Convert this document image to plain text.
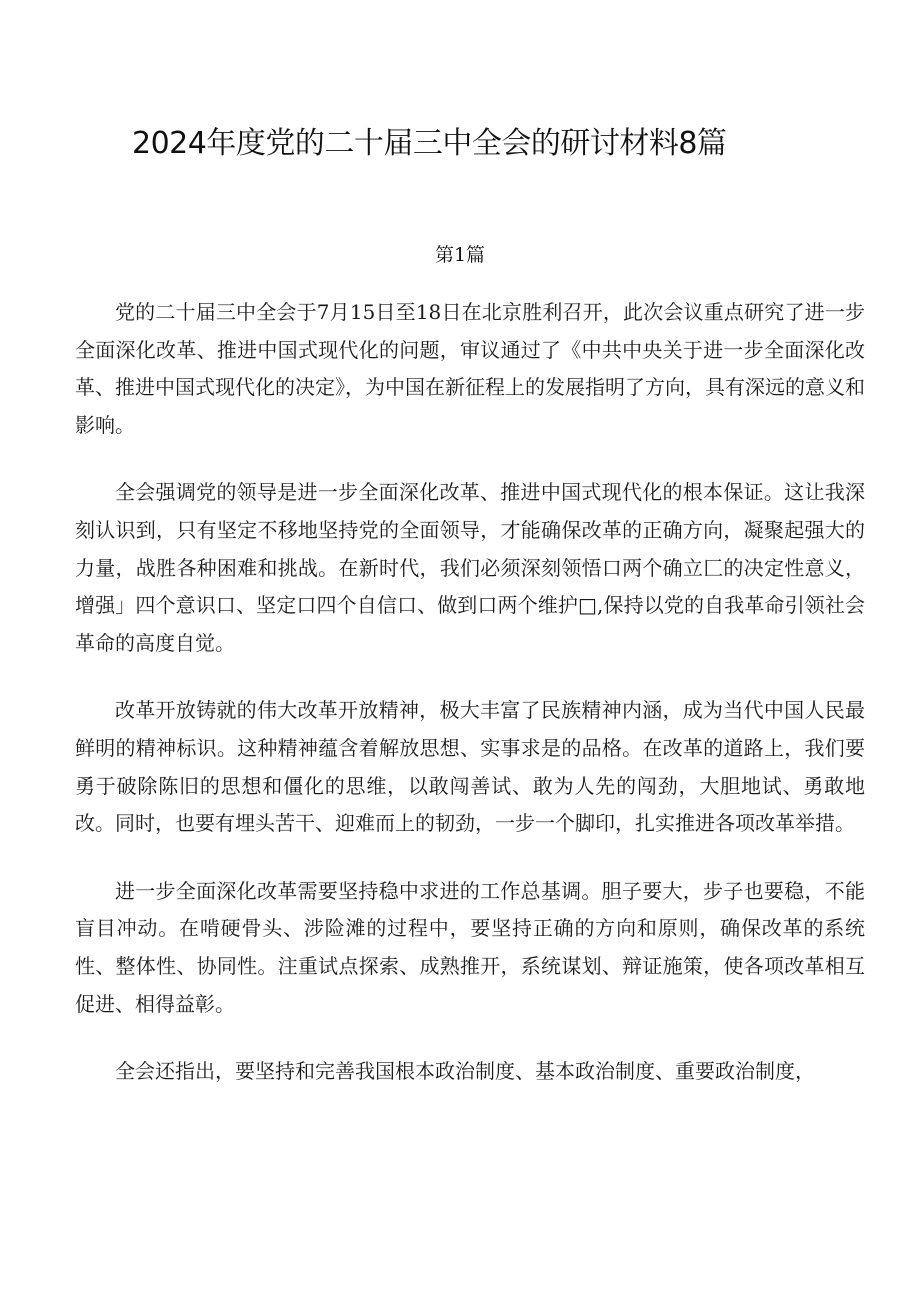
2024年度党的二十届三中全会的研讨材料8篇
第1篇

党的二十届三中全会于7月15日至18日在北京胜利召开，此次会议重点研究了进一步全面深化改革、推进中国式现代化的问题，审议通过了《中共中央关于进一步全面深化改革、推进中国式现代化的决定》，为中国在新征程上的发展指明了方向，具有深远的意义和影响。

全会强调党的领导是进一步全面深化改革、推进中国式现代化的根本保证。这让我深刻认识到，只有坚定不移地坚持党的全面领导，才能确保改革的正确方向，凝聚起强大的力量，战胜各种困难和挑战。在新时代，我们必须深刻领悟口两个确立匚的决定性意义，增强」四个意识口、坚定口四个自信口、做到口两个维护□,保持以党的自我革命引领社会革命的高度自觉。

改革开放铸就的伟大改革开放精神，极大丰富了民族精神内涵，成为当代中国人民最鲜明的精神标识。这种精神蕴含着解放思想、实事求是的品格。在改革的道路上，我们要勇于破除陈旧的思想和僵化的思维，以敢闯善试、敢为人先的闯劲，大胆地试、勇敢地改。同时，也要有埋头苦干、迎难而上的韧劲，一步一个脚印，扎实推进各项改革举措。

进一步全面深化改革需要坚持稳中求进的工作总基调。胆子要大，步子也要稳，不能盲目冲动。在啃硬骨头、涉险滩的过程中，要坚持正确的方向和原则，确保改革的系统性、整体性、协同性。注重试点探索、成熟推开，系统谋划、辩证施策，使各项改革相互促进、相得益彰。

全会还指出，要坚持和完善我国根本政治制度、基本政治制度、重要政治制度，
